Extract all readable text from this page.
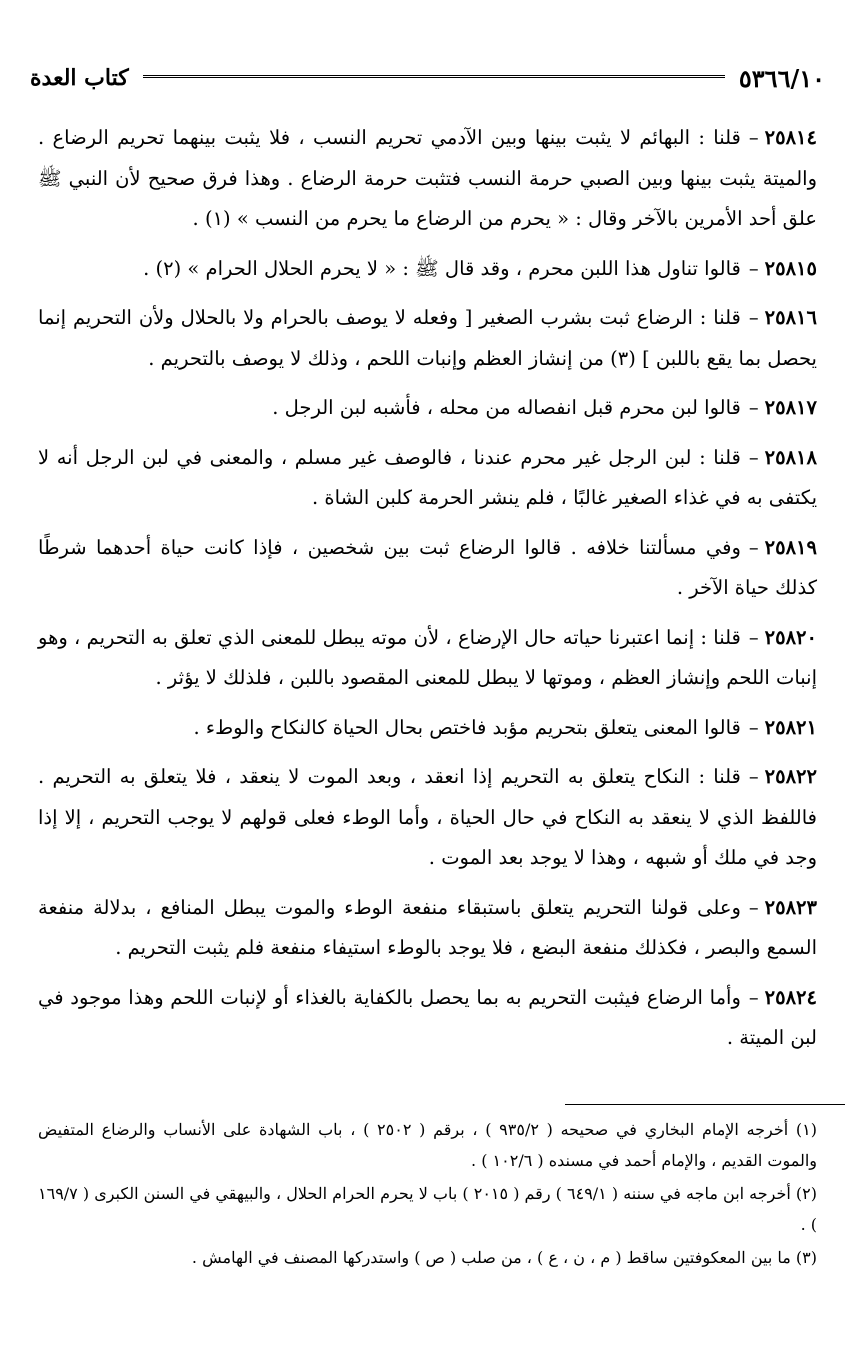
٥٣٦٦/١٠
كتاب العدة

٢٥٨١٤–قلنا : البهائم لا يثبت بينها وبين الآدمي تحريم النسب ، فلا يثبت بينهما تحريم الرضاع . والميتة يثبت بينها وبين الصبي حرمة النسب فتثبت حرمة الرضاع . وهذا فرق صحيح لأن النبي ﷺ علق أحد الأمرين بالآخر وقال : « يحرم من الرضاع ما يحرم من النسب » (١) .

٢٥٨١٥–قالوا تناول هذا اللبن محرم ، وقد قال ﷺ : « لا يحرم الحلال الحرام » (٢) .

٢٥٨١٦–قلنا : الرضاع ثبت بشرب الصغير [ وفعله لا يوصف بالحرام ولا بالحلال ولأن التحريم إنما يحصل بما يقع باللبن ] (٣) من إنشاز العظم وإنبات اللحم ، وذلك لا يوصف بالتحريم .

٢٥٨١٧–قالوا لبن محرم قبل انفصاله من محله ، فأشبه لبن الرجل .

٢٥٨١٨–قلنا : لبن الرجل غير محرم عندنا ، فالوصف غير مسلم ، والمعنى في لبن الرجل أنه لا يكتفى به في غذاء الصغير غالبًا ، فلم ينشر الحرمة كلبن الشاة .

٢٥٨١٩–وفي مسألتنا خلافه . قالوا الرضاع ثبت بين شخصين ، فإذا كانت حياة أحدهما شرطًا كذلك حياة الآخر .

٢٥٨٢٠–قلنا : إنما اعتبرنا حياته حال الإرضاع ، لأن موته يبطل للمعنى الذي تعلق به التحريم ، وهو إنبات اللحم وإنشاز العظم ، وموتها لا يبطل للمعنى المقصود باللبن ، فلذلك لا يؤثر .

٢٥٨٢١–قالوا المعنى يتعلق بتحريم مؤبد فاختص بحال الحياة كالنكاح والوطء .

٢٥٨٢٢–قلنا : النكاح يتعلق به التحريم إذا انعقد ، وبعد الموت لا ينعقد ، فلا يتعلق به التحريم . فاللفظ الذي لا ينعقد به النكاح في حال الحياة ، وأما الوطء فعلى قولهم لا يوجب التحريم ، إلا إذا وجد في ملك أو شبهه ، وهذا لا يوجد بعد الموت .

٢٥٨٢٣–وعلى قولنا التحريم يتعلق باستبقاء منفعة الوطء والموت يبطل المنافع ، بدلالة منفعة السمع والبصر ، فكذلك منفعة البضع ، فلا يوجد بالوطء استيفاء منفعة فلم يثبت التحريم .

٢٥٨٢٤–وأما الرضاع فيثبت التحريم به بما يحصل بالكفاية بالغذاء أو لإنبات اللحم وهذا موجود في لبن الميتة .

(١) أخرجه الإمام البخاري في صحيحه ( ٩٣٥/٢ ) ، برقم ( ٢٥٠٢ ) ، باب الشهادة على الأنساب والرضاع المتفيض والموت القديم ، والإمام أحمد في مسنده ( ١٠٢/٦ ) .

(٢) أخرجه ابن ماجه في سننه ( ٦٤٩/١ ) رقم ( ٢٠١٥ ) باب لا يحرم الحرام الحلال ، والبيهقي في السنن الكبرى ( ١٦٩/٧ ) .

(٣) ما بين المعكوفتين ساقط ( م ، ن ، ع ) ، من صلب ( ص ) واستدركها المصنف في الهامش .
